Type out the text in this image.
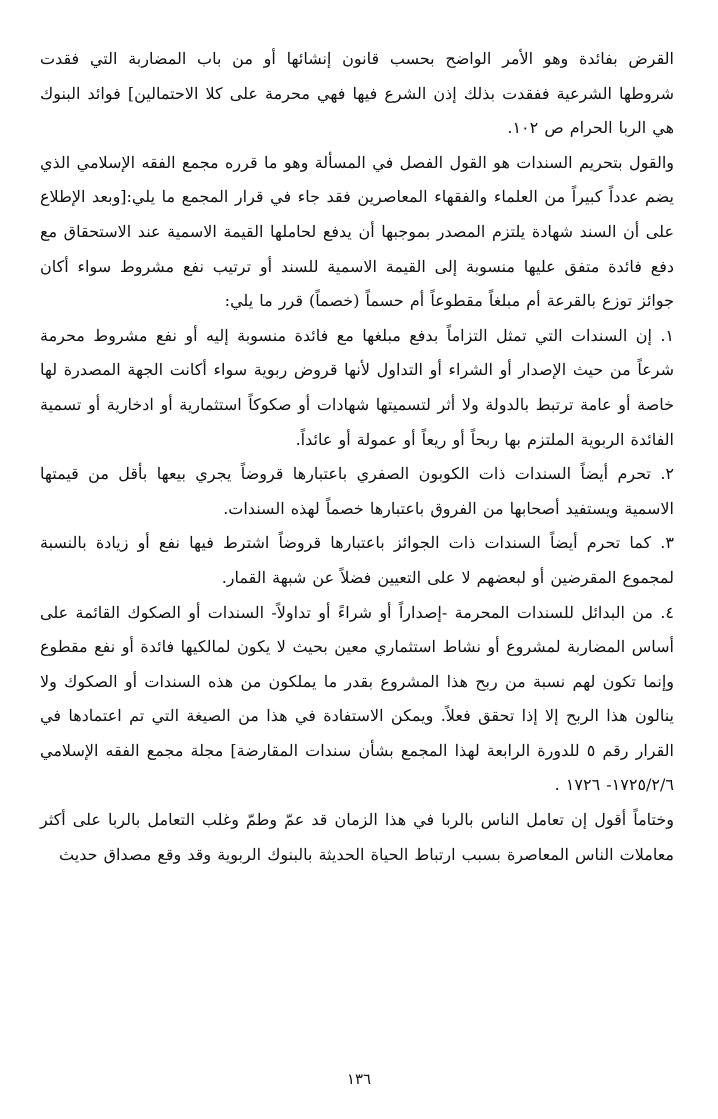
القرض بفائدة وهو الأمر الواضح بحسب قانون إنشائها أو من باب المضاربة التي فقدت شروطها الشرعية ففقدت بذلك إذن الشرع فيها فهي محرمة على كلا الاحتمالين] فوائد البنوك هي الربا الحرام ص ١٠٢.

والقول بتحريم السندات هو القول الفصل في المسألة وهو ما قرره مجمع الفقه الإسلامي الذي يضم عدداً كبيراً من العلماء والفقهاء المعاصرين فقد جاء في قرار المجمع ما يلي:[وبعد الإطلاع على أن السند شهادة يلتزم المصدر بموجبها أن يدفع لحاملها القيمة الاسمية عند الاستحقاق مع دفع فائدة متفق عليها منسوبة إلى القيمة الاسمية للسند أو ترتيب نفع مشروط سواء أكان جوائز توزع بالقرعة أم مبلغاً مقطوعاً أم حسماً (خصماً) قرر ما يلي:

١. إن السندات التي تمثل التزاماً بدفع مبلغها مع فائدة منسوبة إليه أو نفع مشروط محرمة شرعاً من حيث الإصدار أو الشراء أو التداول لأنها قروض ربوية سواء أكانت الجهة المصدرة لها خاصة أو عامة ترتبط بالدولة ولا أثر لتسميتها شهادات أو صكوكاً استثمارية أو ادخارية أو تسمية الفائدة الربوية الملتزم بها ربحاً أو ريعاً أو عمولة أو عائداً.

٢. تحرم أيضاً السندات ذات الكوبون الصفري باعتبارها قروضاً يجري بيعها بأقل من قيمتها الاسمية ويستفيد أصحابها من الفروق باعتبارها خصماً لهذه السندات.

٣. كما تحرم أيضاً السندات ذات الجوائز باعتبارها قروضاً اشترط فيها نفع أو زيادة بالنسبة لمجموع المقرضين أو لبعضهم لا على التعيين فضلاً عن شبهة القمار.

٤. من البدائل للسندات المحرمة -إصداراً أو شراءً أو تداولاً- السندات أو الصكوك القائمة على أساس المضاربة لمشروع أو نشاط استثماري معين بحيث لا يكون لمالكيها فائدة أو نفع مقطوع وإنما تكون لهم نسبة من ربح هذا المشروع بقدر ما يملكون من هذه السندات أو الصكوك ولا ينالون هذا الربح إلا إذا تحقق فعلاً. ويمكن الاستفادة في هذا من الصيغة التي تم اعتمادها في القرار رقم ٥ للدورة الرابعة لهذا المجمع بشأن سندات المقارضة] مجلة مجمع الفقه الإسلامي ١٧٢٥/٢/٦- ١٧٢٦ .

وختاماً أقول إن تعامل الناس بالربا في هذا الزمان قد عمّ وطمّ وغلب التعامل بالربا على أكثر معاملات الناس المعاصرة بسبب ارتباط الحياة الحديثة بالبنوك الربوية وقد وقع مصداق حديث

١٣٦
